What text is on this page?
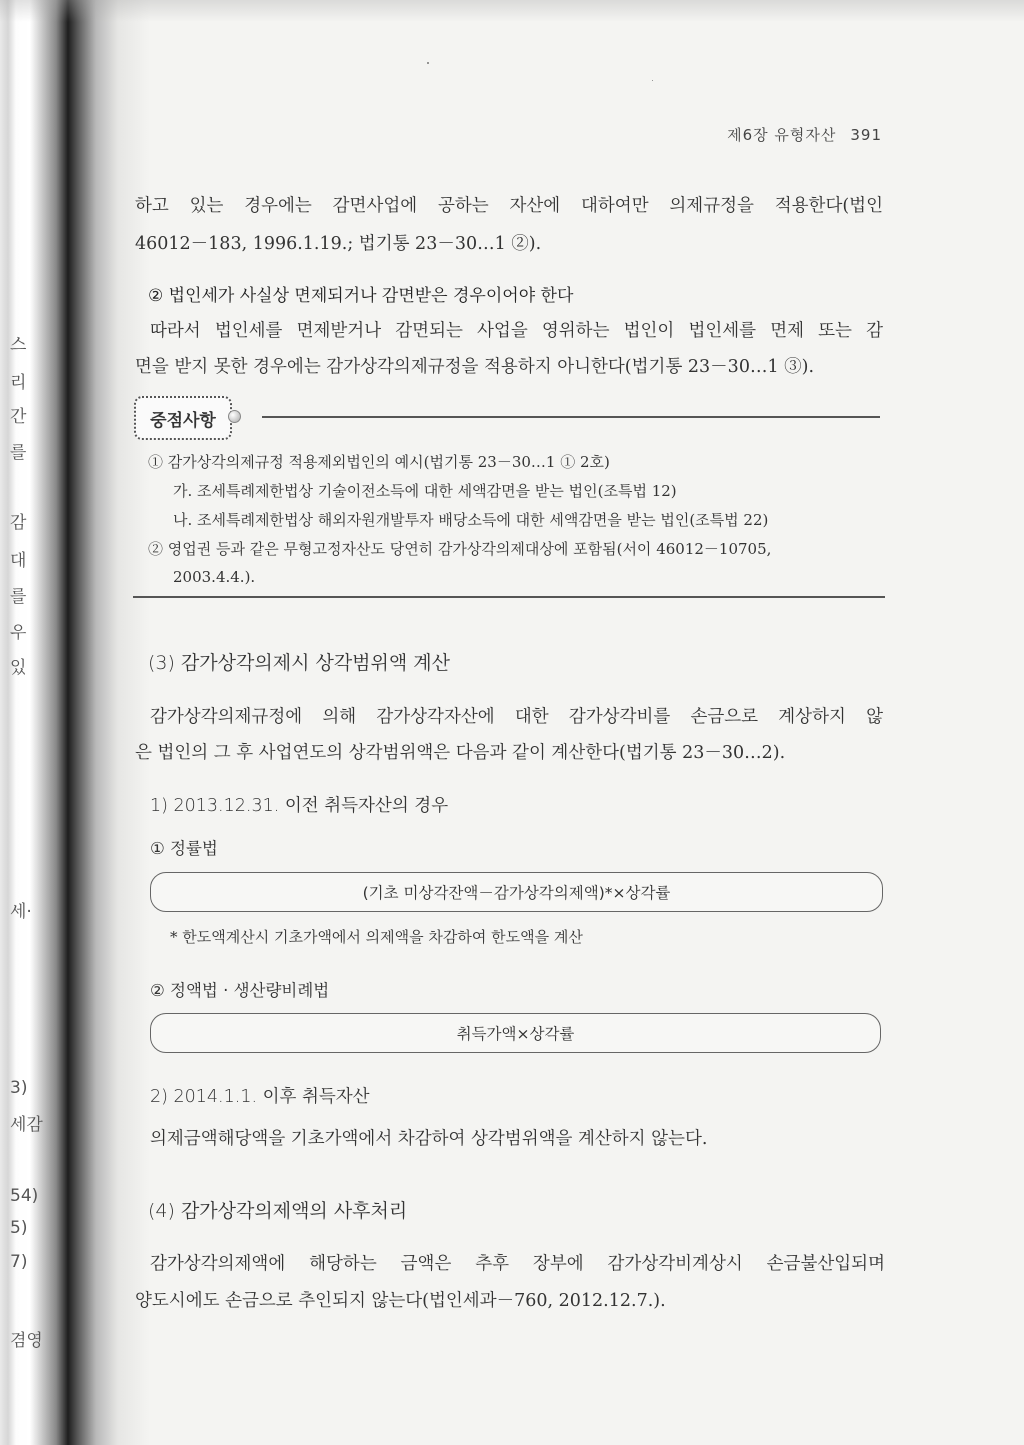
스
리
간
를
감
대
를
우
있
세·
3)
세감
54)
5)
7)
겸영
제6장 유형자산 391
하고 있는 경우에는 감면사업에 공하는 자산에 대하여만 의제규정을 적용한다(법인
46012－183, 1996.1.19.; 법기통 23－30…1 ②).
② 법인세가 사실상 면제되거나 감면받은 경우이어야 한다
따라서 법인세를 면제받거나 감면되는 사업을 영위하는 법인이 법인세를 면제 또는 감
면을 받지 못한 경우에는 감가상각의제규정을 적용하지 아니한다(법기통 23－30…1 ③).
중점사항
① 감가상각의제규정 적용제외법인의 예시(법기통 23－30…1 ① 2호)
가. 조세특례제한법상 기술이전소득에 대한 세액감면을 받는 법인(조특법 12)
나. 조세특례제한법상 해외자원개발투자 배당소득에 대한 세액감면을 받는 법인(조특법 22)
② 영업권 등과 같은 무형고정자산도 당연히 감가상각의제대상에 포함됨(서이 46012－10705,
2003.4.4.).
(3) 감가상각의제시 상각범위액 계산
감가상각의제규정에 의해 감가상각자산에 대한 감가상각비를 손금으로 계상하지 않
은 법인의 그 후 사업연도의 상각범위액은 다음과 같이 계산한다(법기통 23－30…2).
1) 2013.12.31. 이전 취득자산의 경우
① 정률법
(기초 미상각잔액－감가상각의제액)*×상각률
* 한도액계산시 기초가액에서 의제액을 차감하여 한도액을 계산
② 정액법 · 생산량비례법
취득가액×상각률
2) 2014.1.1. 이후 취득자산
의제금액해당액을 기초가액에서 차감하여 상각범위액을 계산하지 않는다.
(4) 감가상각의제액의 사후처리
감가상각의제액에 해당하는 금액은 추후 장부에 감가상각비계상시 손금불산입되며
양도시에도 손금으로 추인되지 않는다(법인세과－760, 2012.12.7.).
